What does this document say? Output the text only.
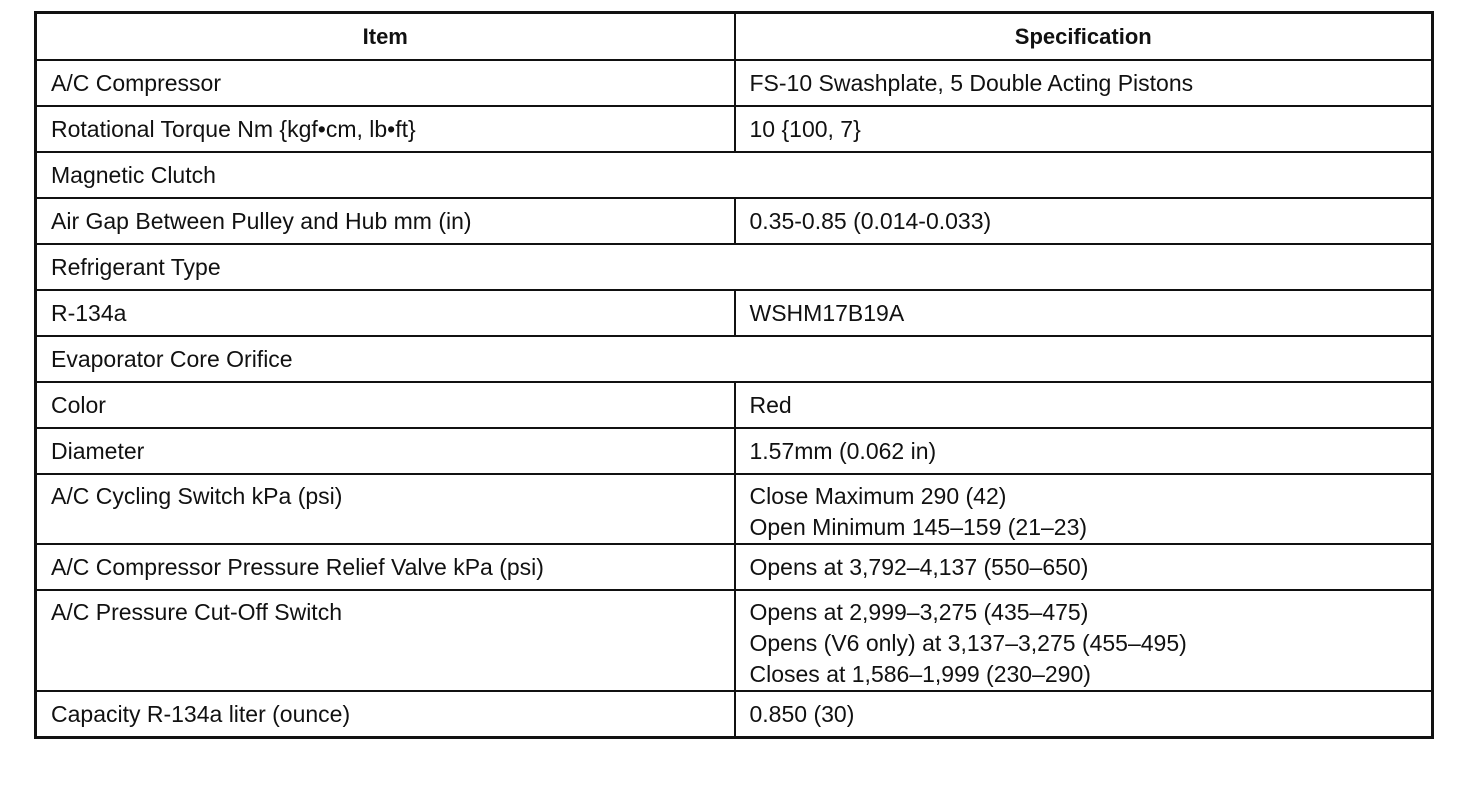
Item	Specification
A/C Compressor	FS-10 Swashplate, 5 Double Acting Pistons

Rotational Torque Nm {kgf•cm, lb•ft}	10 {100, 7}

Magnetic Clutch	
Air Gap Between Pulley and Hub mm (in)	0.35-0.85 (0.014-0.033)

Refrigerant Type	
R-134a	WSHM17B19A

Evaporator Core Orifice	
Color	Red

Diameter	1.57mm (0.062 in)

A/C Cycling Switch kPa (psi)	Close Maximum 290 (42)
Open Minimum 145–159 (21–23)

A/C Compressor Pressure Relief Valve kPa (psi)	Opens at 3,792–4,137 (550–650)

A/C Pressure Cut-Off Switch	Opens at 2,999–3,275 (435–475)
Opens (V6 only) at 3,137–3,275 (455–495)
Closes at 1,586–1,999 (230–290)

Capacity R-134a liter (ounce)	0.850 (30)
